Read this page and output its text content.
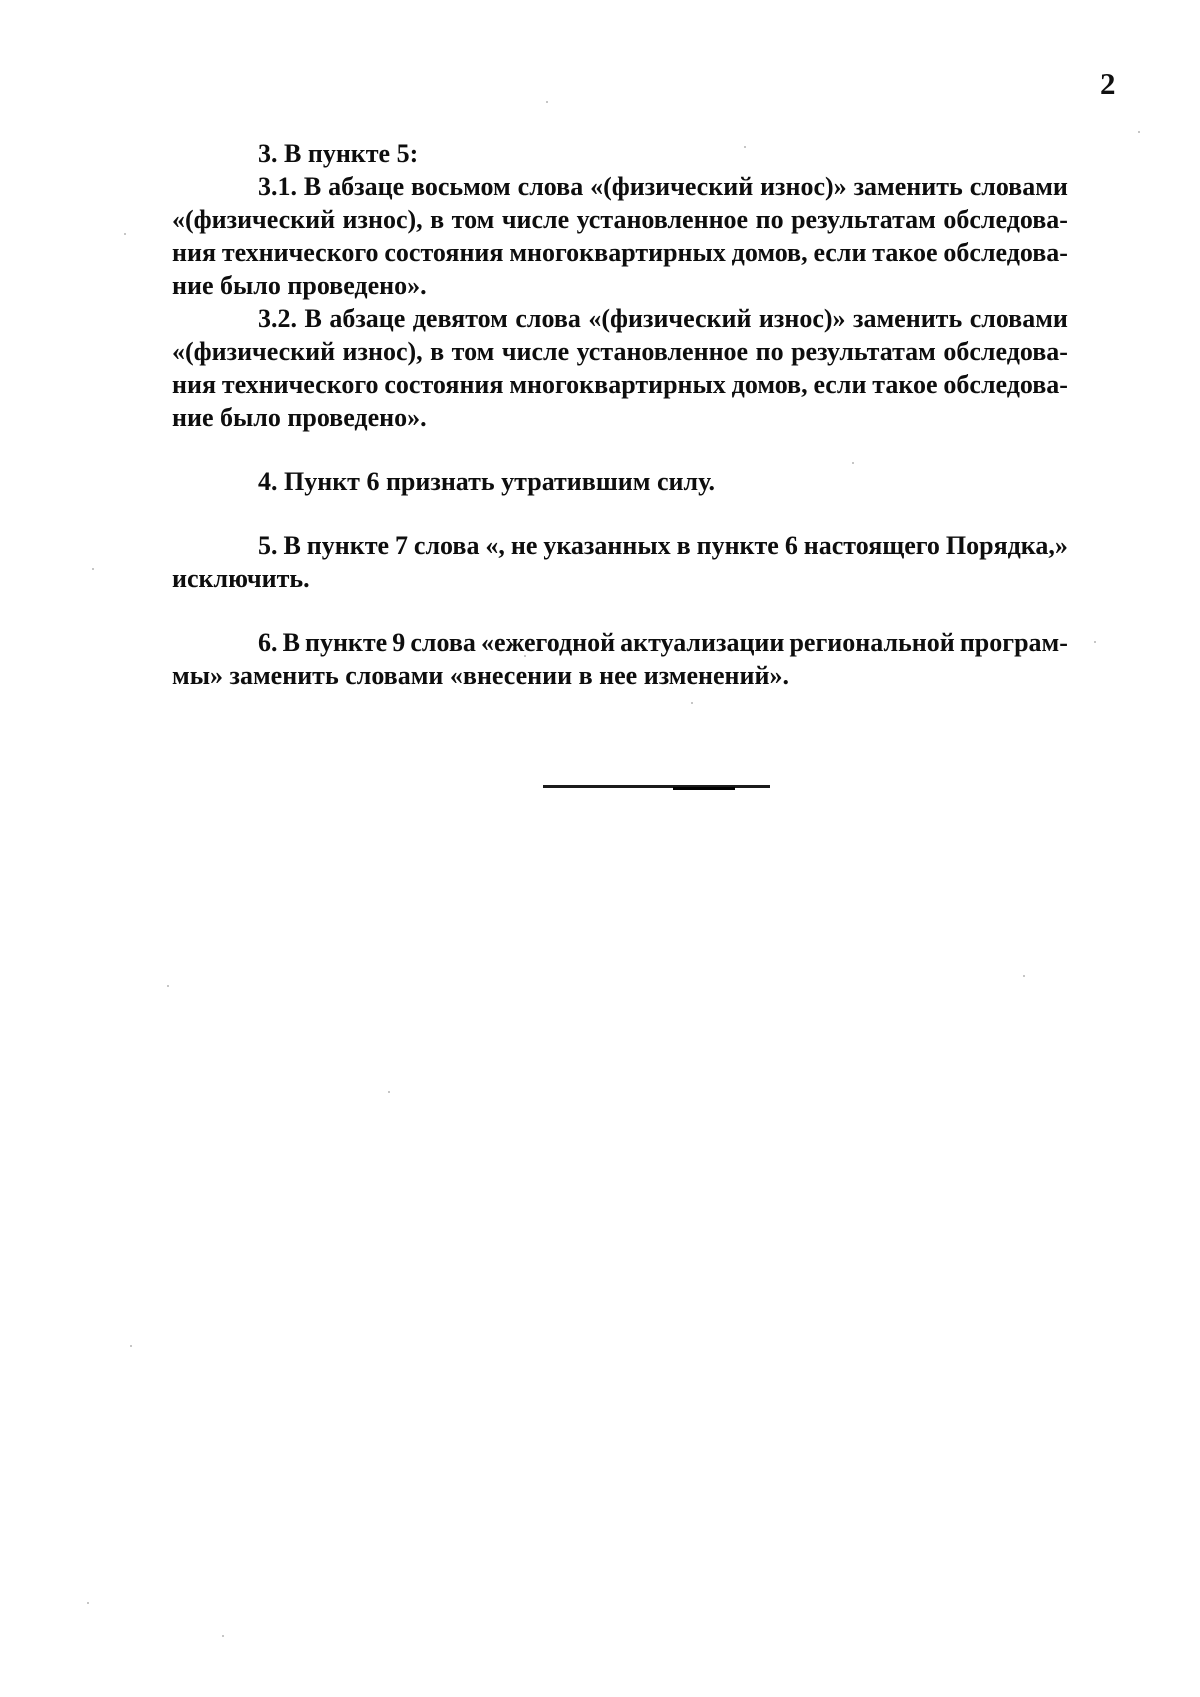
2
3. В пункте 5:
3.1. В абзаце восьмом слова «(физический износ)» заменить словами
«(физический износ), в том числе установленное по результатам обследова-
ния технического состояния многоквартирных домов, если такое обследова-
ние было проведено».
3.2. В абзаце девятом слова «(физический износ)» заменить словами
«(физический износ), в том числе установленное по результатам обследова-
ния технического состояния многоквартирных домов, если такое обследова-
ние было проведено».
4. Пункт 6 признать утратившим силу.
5. В пункте 7 слова «, не указанных в пункте 6 настоящего Порядка,»
исключить.
6. В пункте 9 слова «ежегодной актуализации региональной програм-
мы» заменить словами «внесении в нее изменений».
